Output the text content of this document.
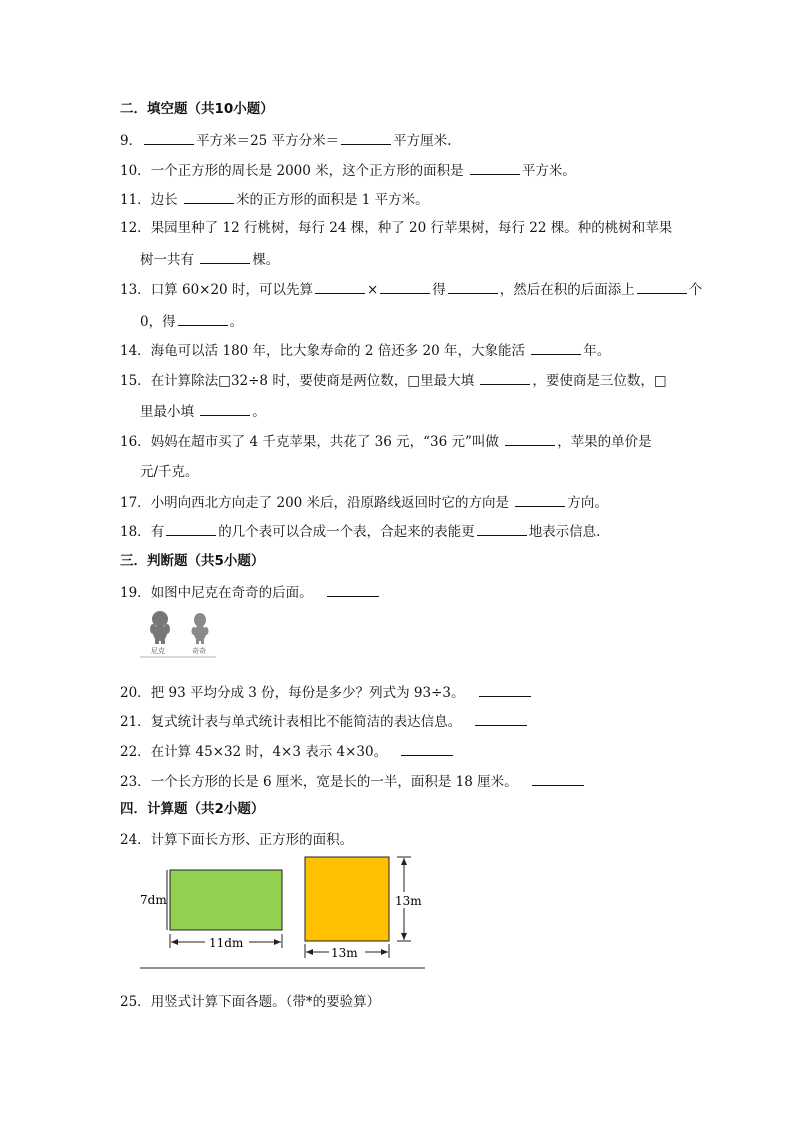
二．填空题（共10小题）
9．	平方米＝25 平方分米＝	平方厘米.
10．一个正方形的周长是 2000 米，这个正方形的面积是	平方米。
11．边长	米的正方形的面积是 1 平方米。
12．果园里种了 12 行桃树，每行 24 棵，种了 20 行苹果树，每行 22 棵。种的桃树和苹果
树一共有	棵。
13．口算 60×20 时，可以先算	×	得	，然后在积的后面添上	个
0，得	。
14．海龟可以活 180 年，比大象寿命的 2 倍还多 20 年，大象能活	年。
15．在计算除法□32÷8 时，要使商是两位数，□里最大填	，要使商是三位数，□
里最小填	。
16．妈妈在超市买了 4 千克苹果，共花了 36 元，“36 元”叫做	，苹果的单价是
元/千克。
17．小明向西北方向走了 200 米后，沿原路线返回时它的方向是	方向。
18．有	的几个表可以合成一个表，合起来的表能更	地表示信息.
三．判断题（共5小题）
19．如图中尼克在奇奇的后面。
尼克	奇奇
20．把 93 平均分成 3 份，每份是多少？列式为 93÷3。
21．复式统计表与单式统计表相比不能简洁的表达信息。
22．在计算 45×32 时，4×3 表示 4×30。
23．一个长方形的长是 6 厘米，宽是长的一半，面积是 18 厘米。
四．计算题（共2小题）
24．计算下面长方形、正方形的面积。
7dm
11dm
13m
13m
25．用竖式计算下面各题。（带*的要验算）
